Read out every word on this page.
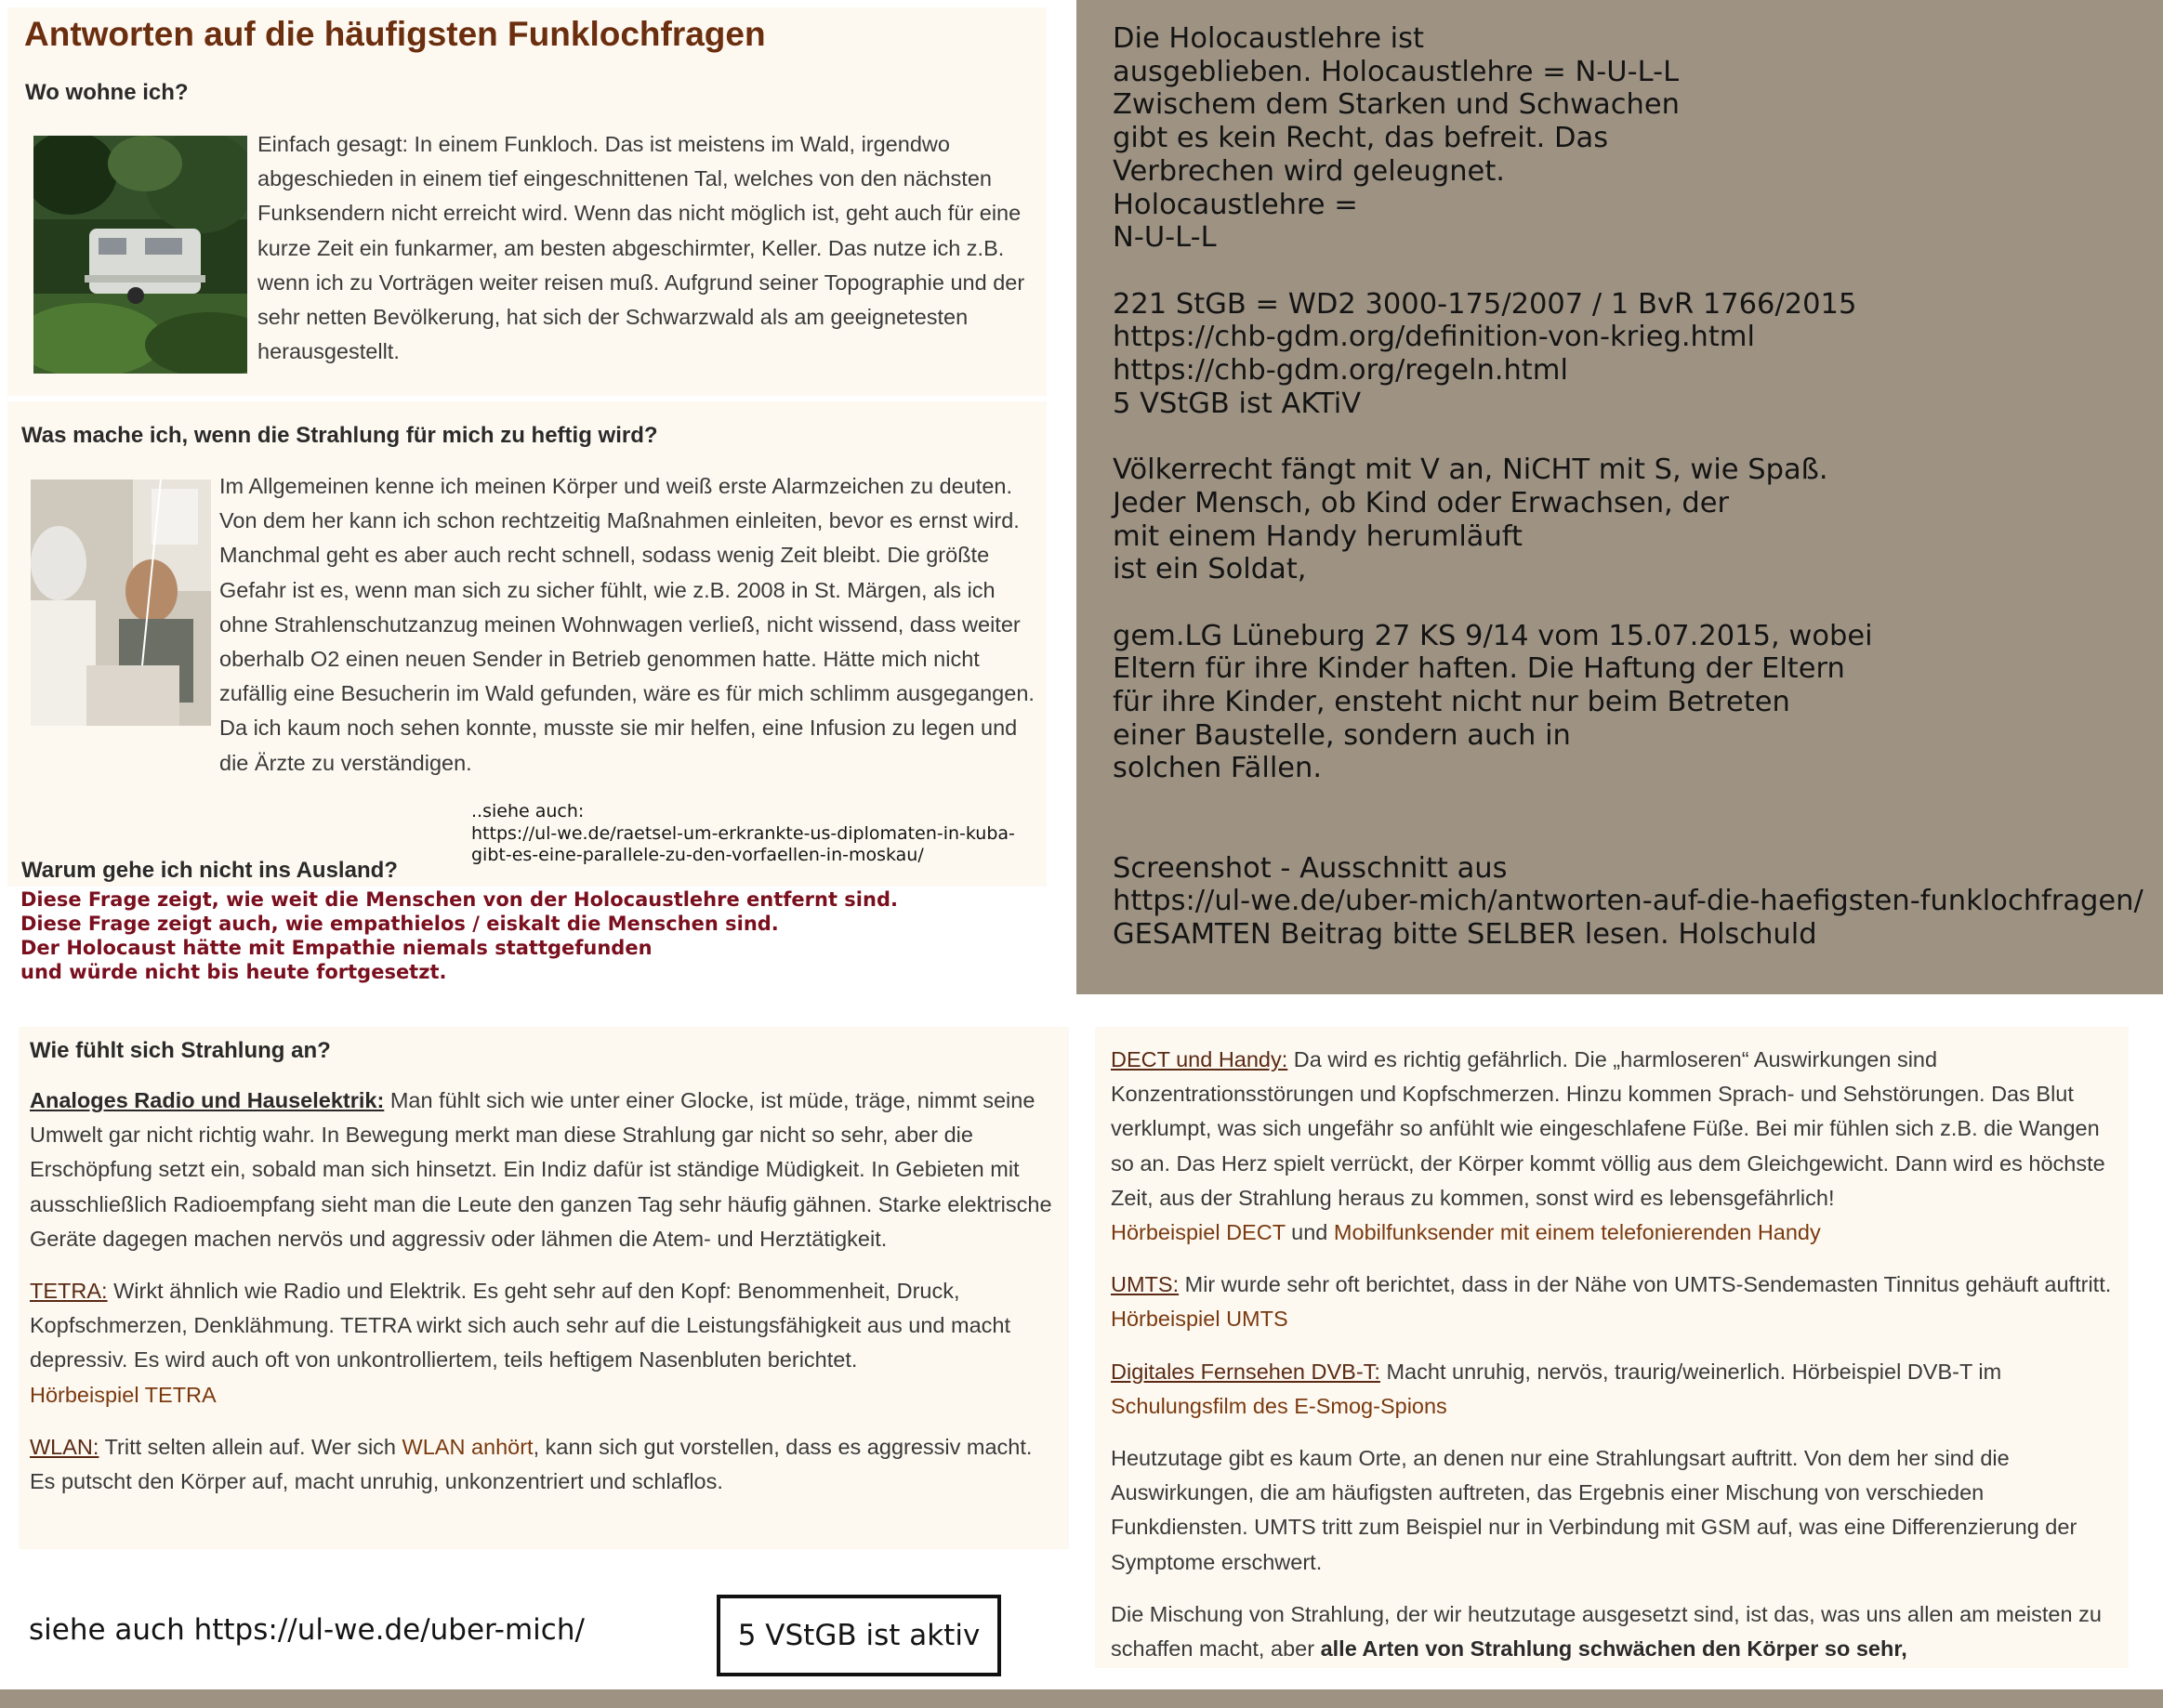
Antworten auf die häufigsten Funklochfragen

Wo wohne ich?

Einfach gesagt: In einem Funkloch. Das ist meistens im Wald, irgendwo abgeschieden in einem tief eingeschnittenen Tal, welches von den nächsten Funksendern nicht erreicht wird. Wenn das nicht möglich ist, geht auch für eine kurze Zeit ein funkarmer, am besten abgeschirmter, Keller. Das nutze ich z.B. wenn ich zu Vorträgen weiter reisen muß. Aufgrund seiner Topographie und der sehr netten Bevölkerung, hat sich der Schwarzwald als am geeignetesten herausgestellt.

Was mache ich, wenn die Strahlung für mich zu heftig wird?

Im Allgemeinen kenne ich meinen Körper und weiß erste Alarmzeichen zu deuten. Von dem her kann ich schon rechtzeitig Maßnahmen einleiten, bevor es ernst wird. Manchmal geht es aber auch recht schnell, sodass wenig Zeit bleibt. Die größte Gefahr ist es, wenn man sich zu sicher fühlt, wie z.B. 2008 in St. Märgen, als ich ohne Strahlenschutzanzug meinen Wohnwagen verließ, nicht wissend, dass weiter oberhalb O2 einen neuen Sender in Betrieb genommen hatte. Hätte mich nicht zufällig eine Besucherin im Wald gefunden, wäre es für mich schlimm ausgegangen. Da ich kaum noch sehen konnte, musste sie mir helfen, eine Infusion zu legen und die Ärzte zu verständigen.

..siehe auch:
https://ul-we.de/raetsel-um-erkrankte-us-diplomaten-in-kuba-
gibt-es-eine-parallele-zu-den-vorfaellen-in-moskau/

Warum gehe ich nicht ins Ausland?

Diese Frage zeigt, wie weit die Menschen von der Holocaustlehre entfernt sind.
Diese Frage zeigt auch, wie empathielos / eiskalt die Menschen sind.
Der Holocaust hätte mit Empathie niemals stattgefunden
und würde nicht bis heute fortgesetzt.

Die Holocaustlehre ist
ausgeblieben. Holocaustlehre = N-U-L-L
Zwischem dem Starken und Schwachen
gibt es kein Recht, das befreit. Das
Verbrechen wird geleugnet.
Holocaustlehre =
N-U-L-L

221 StGB = WD2 3000-175/2007 / 1 BvR 1766/2015
https://chb-gdm.org/definition-von-krieg.html
https://chb-gdm.org/regeln.html
5 VStGB ist AKTiV

Völkerrecht fängt mit V an, NiCHT mit S, wie Spaß.
Jeder Mensch, ob Kind oder Erwachsen, der
mit einem Handy herumläuft
ist ein Soldat,

gem.LG Lüneburg 27 KS 9/14 vom 15.07.2015, wobei
Eltern für ihre Kinder haften. Die Haftung der Eltern
für ihre Kinder, ensteht nicht nur beim Betreten
einer Baustelle, sondern auch in
solchen Fällen.

Screenshot - Ausschnitt aus
https://ul-we.de/uber-mich/antworten-auf-die-haefigsten-funklochfragen/
GESAMTEN Beitrag bitte SELBER lesen. Holschuld

Wie fühlt sich Strahlung an?

Analoges Radio und Hauselektrik: Man fühlt sich wie unter einer Glocke, ist müde, träge, nimmt seine Umwelt gar nicht richtig wahr. In Bewegung merkt man diese Strahlung gar nicht so sehr, aber die Erschöpfung setzt ein, sobald man sich hinsetzt. Ein Indiz dafür ist ständige Müdigkeit. In Gebieten mit ausschließlich Radioempfang sieht man die Leute den ganzen Tag sehr häufig gähnen. Starke elektrische Geräte dagegen machen nervös und aggressiv oder lähmen die Atem- und Herztätigkeit.

TETRA: Wirkt ähnlich wie Radio und Elektrik. Es geht sehr auf den Kopf: Benommenheit, Druck, Kopfschmerzen, Denklähmung. TETRA wirkt sich auch sehr auf die Leistungsfähigkeit aus und macht depressiv. Es wird auch oft von unkontrolliertem, teils heftigem Nasenbluten berichtet.
Hörbeispiel TETRA

WLAN: Tritt selten allein auf. Wer sich WLAN anhört, kann sich gut vorstellen, dass es aggressiv macht. Es putscht den Körper auf, macht unruhig, unkonzentriert und schlaflos.

DECT und Handy: Da wird es richtig gefährlich. Die „harmloseren“ Auswirkungen sind Konzentrationsstörungen und Kopfschmerzen. Hinzu kommen Sprach- und Sehstörungen. Das Blut verklumpt, was sich ungefähr so anfühlt wie eingeschlafene Füße. Bei mir fühlen sich z.B. die Wangen so an. Das Herz spielt verrückt, der Körper kommt völlig aus dem Gleichgewicht. Dann wird es höchste Zeit, aus der Strahlung heraus zu kommen, sonst wird es lebensgefährlich!
Hörbeispiel DECT und Mobilfunksender mit einem telefonierenden Handy

UMTS: Mir wurde sehr oft berichtet, dass in der Nähe von UMTS-Sendemasten Tinnitus gehäuft auftritt. Hörbeispiel UMTS

Digitales Fernsehen DVB-T: Macht unruhig, nervös, traurig/weinerlich. Hörbeispiel DVB-T im
Schulungsfilm des E-Smog-Spions

Heutzutage gibt es kaum Orte, an denen nur eine Strahlungsart auftritt. Von dem her sind die Auswirkungen, die am häufigsten auftreten, das Ergebnis einer Mischung von verschieden Funkdiensten. UMTS tritt zum Beispiel nur in Verbindung mit GSM auf, was eine Differenzierung der Symptome erschwert.

Die Mischung von Strahlung, der wir heutzutage ausgesetzt sind, ist das, was uns allen am meisten zu schaffen macht, aber alle Arten von Strahlung schwächen den Körper so sehr,

siehe auch https://ul-we.de/uber-mich/	5 VStGB ist aktiv
